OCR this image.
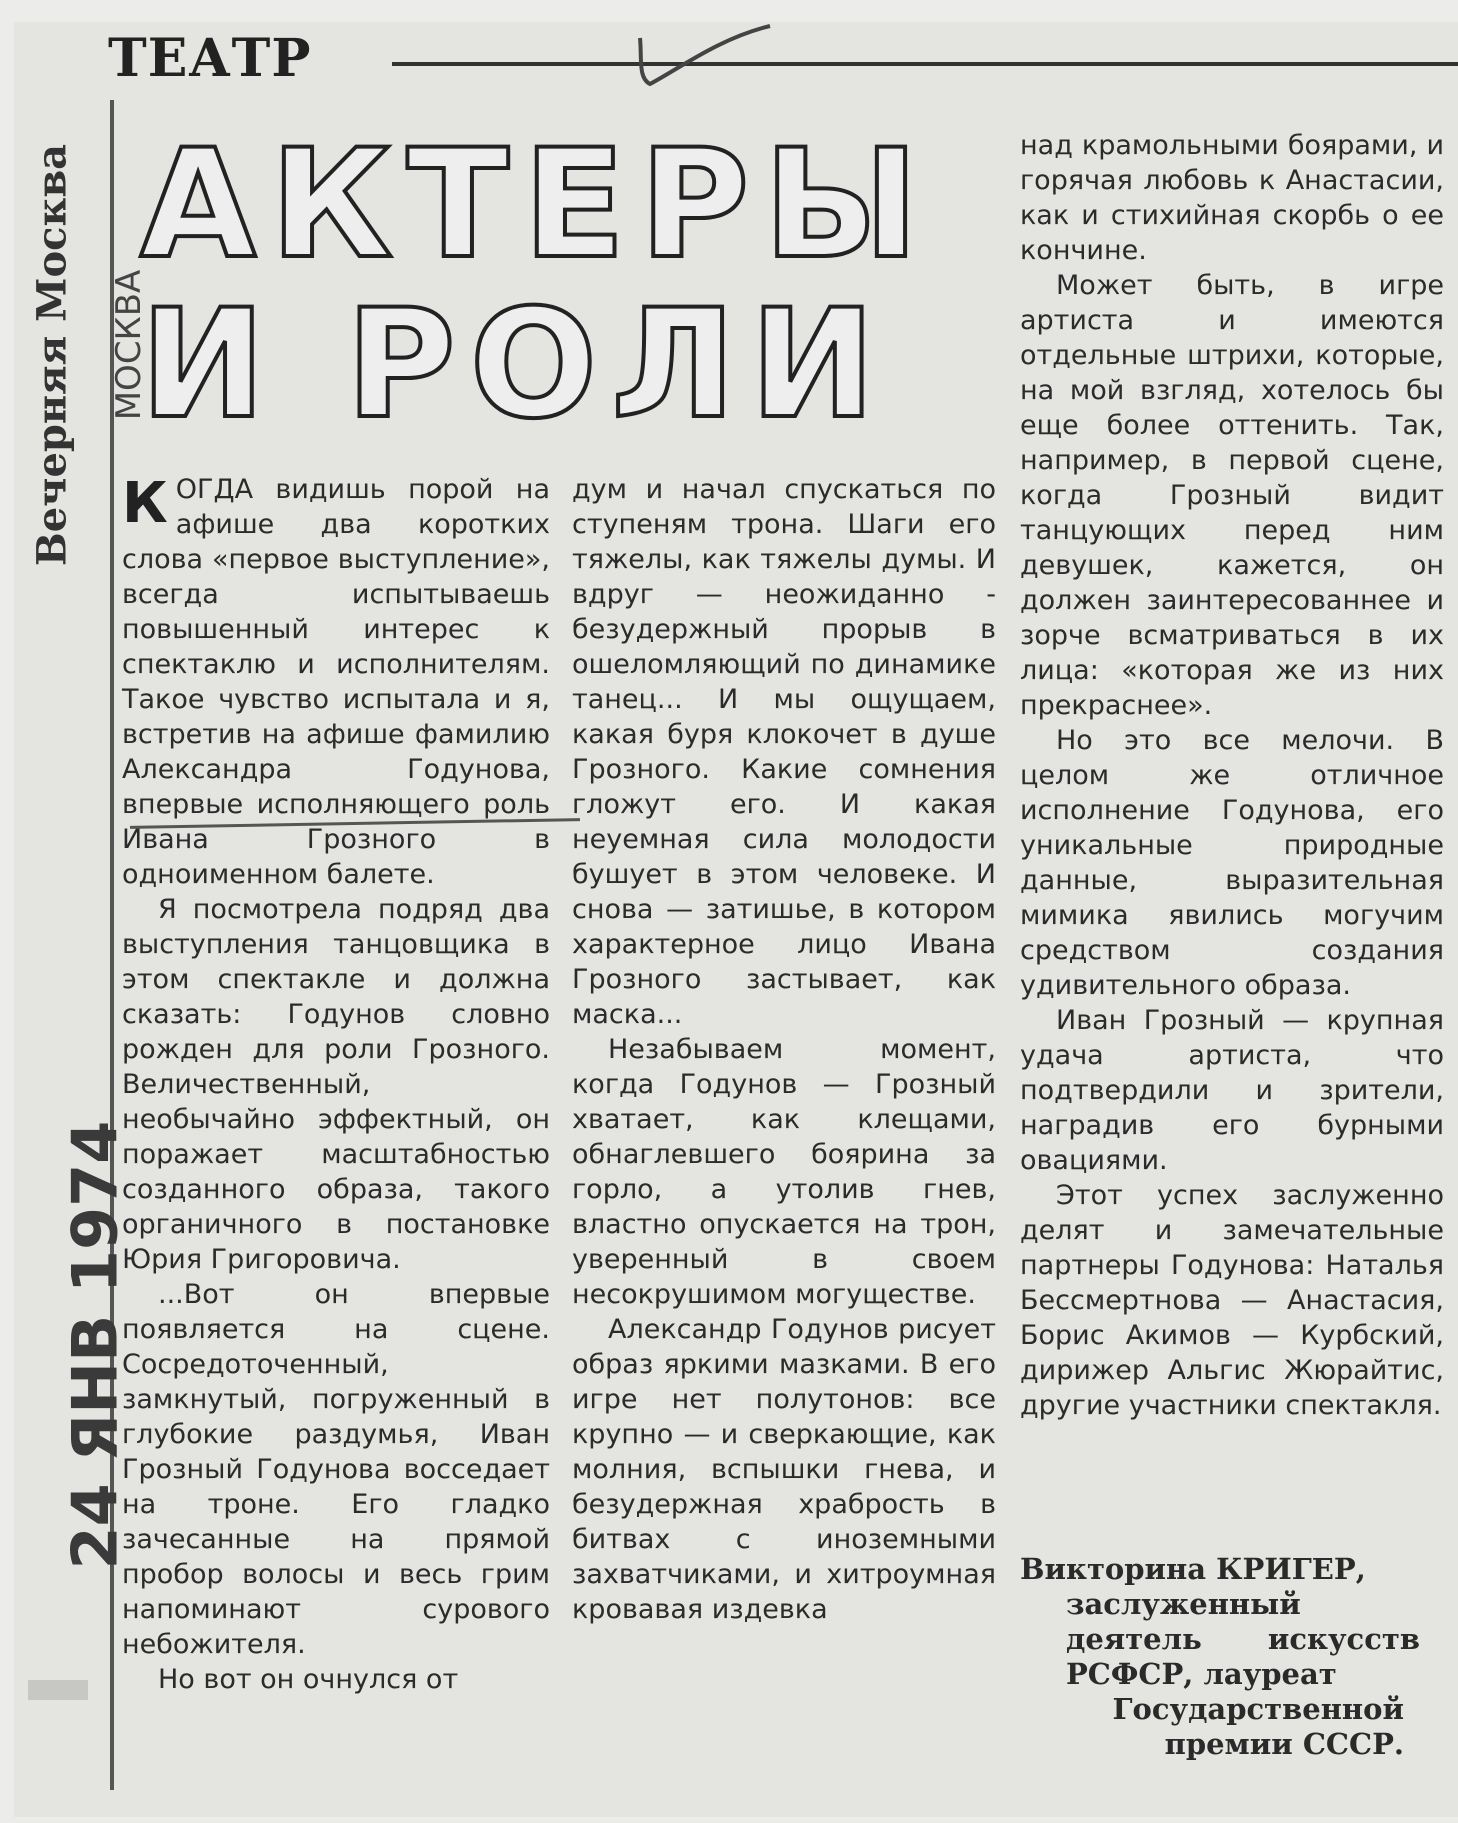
ТЕАТР
Вечерняя Москва МОСКВА
24 ЯНВ 1974
АКТЕРЫ
И РОЛИ

КОГДА видишь порой на афише два коротких слова «первое выступление», всегда испытываешь повышенный интерес к спектаклю и исполнителям. Такое чувство испытала и я, встретив на афише фамилию Александра Годунова, впервые исполняющего роль Ивана Грозного в одноименном балете.

Я посмотрела подряд два выступления танцовщика в этом спектакле и должна сказать: Годунов словно рожден для роли Грозного. Величественный, необычайно эффектный, он поражает масштабностью созданного образа, такого органичного в постановке Юрия Григоровича.

...Вот он впервые появляется на сцене. Сосредоточенный, замкнутый, погруженный в глубокие раздумья, Иван Грозный Годунова восседает на троне. Его гладко зачесанные на прямой пробор волосы и весь грим напоминают сурового небожителя.

Но вот он очнулся от

дум и начал спускаться по ступеням трона. Шаги его тяжелы, как тяжелы думы. И вдруг — неожиданно - безудержный прорыв в ошеломляющий по динамике танец... И мы ощущаем, какая буря клокочет в душе Грозного. Какие сомнения гложут его. И какая неуемная сила молодости бушует в этом человеке. И снова — затишье, в котором характерное лицо Ивана Грозного застывает, как маска...

Незабываем момент, когда Годунов — Грозный хватает, как клещами, обнаглевшего боярина за горло, а утолив гнев, властно опускается на трон, уверенный в своем несокрушимом могуществе.

Александр Годунов рисует образ яркими мазками. В его игре нет полутонов: все крупно — и сверкающие, как молния, вспышки гнева, и безудержная храбрость в битвах с иноземными захватчиками, и хитроумная кровавая издевка

над крамольными боярами, и горячая любовь к Анастасии, как и стихийная скорбь о ее кончине.

Может быть, в игре артиста и имеются отдельные штрихи, которые, на мой взгляд, хотелось бы еще более оттенить. Так, например, в первой сцене, когда Грозный видит танцующих перед ним девушек, кажется, он должен заинтересованнее и зорче всматриваться в их лица: «которая же из них прекраснее».

Но это все мелочи. В целом же отличное исполнение Годунова, его уникальные природные данные, выразительная мимика явились могучим средством создания удивительного образа.

Иван Грозный — крупная удача артиста, что подтвердили и зрители, наградив его бурными овациями.

Этот успех заслуженно делят и замечательные партнеры Годунова: Наталья Бессмертнова — Анастасия, Борис Акимов — Курбский, дирижер Альгис Жюрайтис, другие участники спектакля.

Викторина КРИГЕР,
заслуженный деятель искусств РСФСР, лауреат
Государственной премии СССР.
